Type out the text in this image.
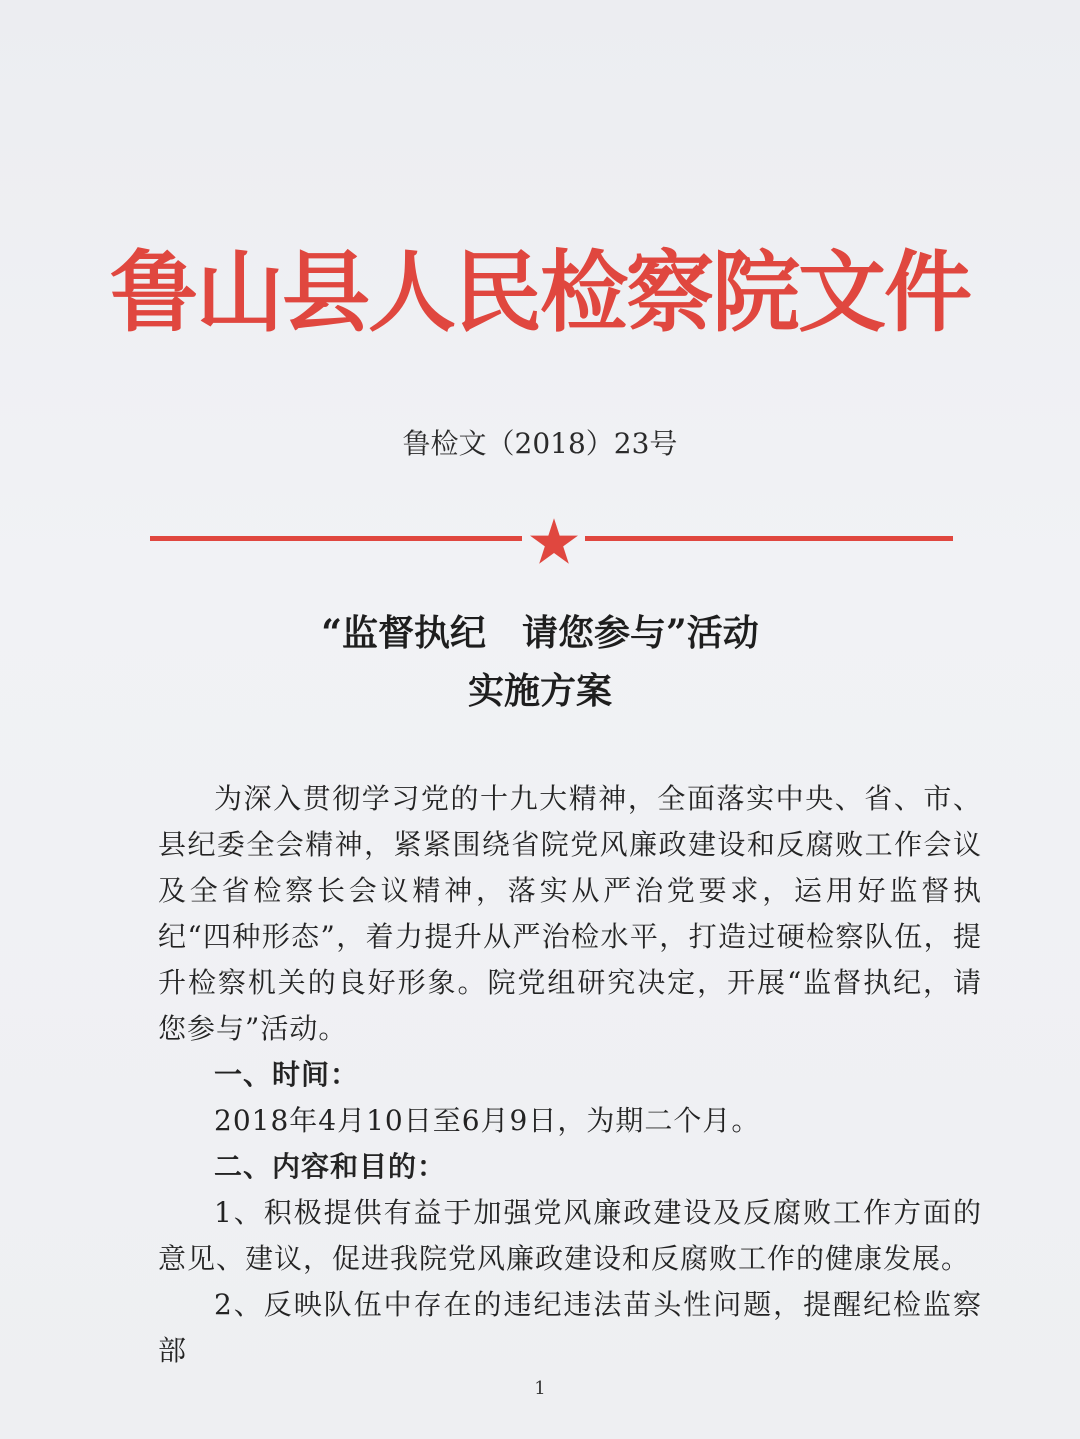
鲁山县人民检察院文件
鲁检文（2018）23号
“监督执纪　请您参与”活动
实施方案

为深入贯彻学习党的十九大精神，全面落实中央、省、市、县纪委全会精神，紧紧围绕省院党风廉政建设和反腐败工作会议及全省检察长会议精神，落实从严治党要求，运用好监督执纪“四种形态”，着力提升从严治检水平，打造过硬检察队伍，提升检察机关的良好形象。院党组研究决定，开展“监督执纪，请您参与”活动。

一、时间：

2018年4月10日至6月9日，为期二个月。

二、内容和目的：

1、积极提供有益于加强党风廉政建设及反腐败工作方面的意见、建议，促进我院党风廉政建设和反腐败工作的健康发展。

2、反映队伍中存在的违纪违法苗头性问题，提醒纪检监察部

1
